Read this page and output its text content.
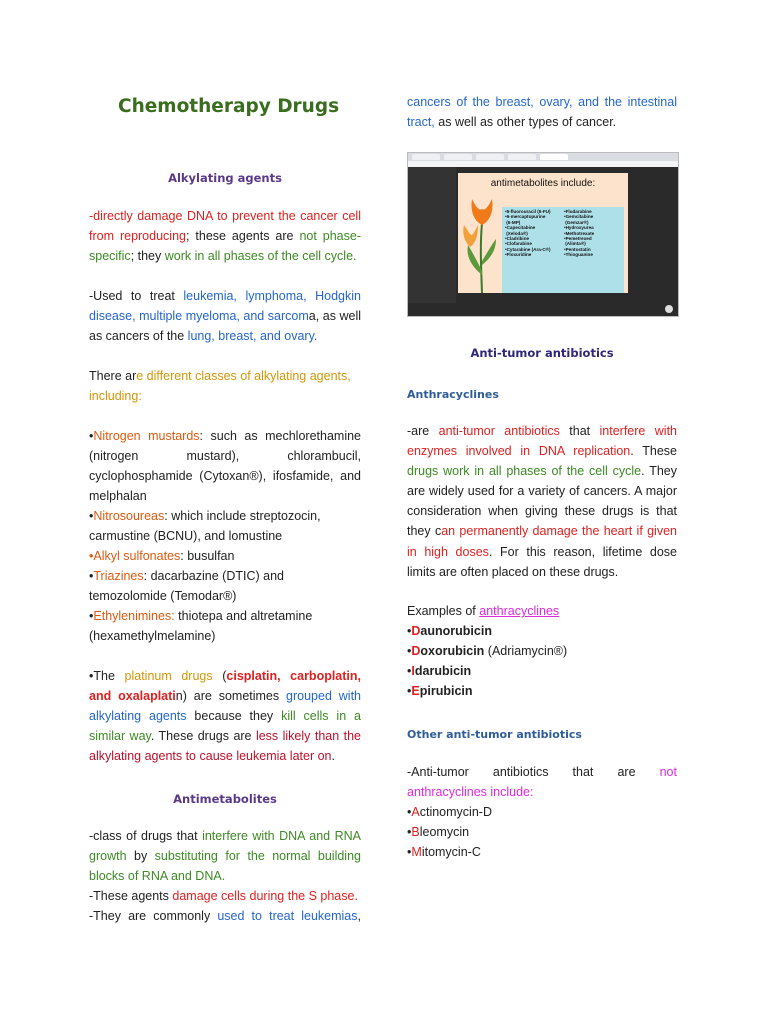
Chemotherapy Drugs

Alkylating agents

-directly damage DNA to prevent the cancer cell from reproducing; these agents are not phase-specific; they work in all phases of the cell cycle.

-Used to treat leukemia, lymphoma, Hodgkin disease, multiple myeloma, and sarcoma, as well as cancers of the lung, breast, and ovary.

There are different classes of alkylating agents, including:

•Nitrogen mustards: such as mechlorethamine (nitrogen mustard), chlorambucil, cyclophosphamide (Cytoxan®), ifosfamide, and melphalan

•Nitrosoureas: which include streptozocin, carmustine (BCNU), and lomustine

•Alkyl sulfonates: busulfan

•Triazines: dacarbazine (DTIC) and temozolomide (Temodar®)

•Ethylenimines: thiotepa and altretamine (hexamethylmelamine)

•The platinum drugs (cisplatin, carboplatin, and oxalaplatin) are sometimes grouped with alkylating agents because they kill cells in a similar way. These drugs are less likely than the alkylating agents to cause leukemia later on.

Antimetabolites

-class of drugs that interfere with DNA and RNA growth by substituting for the normal building blocks of RNA and DNA.

-These agents damage cells during the S phase.

-They are commonly used to treat leukemias,

cancers of the breast, ovary, and the intestinal tract, as well as other types of cancer.

Anti-tumor antibiotics

Anthracyclines

-are anti-tumor antibiotics that interfere with enzymes involved in DNA replication. These drugs work in all phases of the cell cycle. They are widely used for a variety of cancers. A major consideration when giving these drugs is that they can permanently damage the heart if given in high doses. For this reason, lifetime dose limits are often placed on these drugs.

Examples of anthracyclines

•Daunorubicin

•Doxorubicin (Adriamycin®)

•Idarubicin

•Epirubicin

Other anti-tumor antibiotics

-Anti-tumor antibiotics that are not anthracyclines include:

•Actinomycin-D

•Bleomycin

•Mitomycin-C

antimetabolites include:
•5-fluorouracil (5-FU)
•6-mercaptopurine
(6-MP)
•Capecitabine
(Xeloda®)
•Cladribine
•Clofarabine
•Cytarabine (Ara-C®)
•Floxuridine
•Fludarabine
•Gemcitabine
(Gemzar®)
•Hydroxyurea
•Methotrexate
•Pemetrexed
(Alimta®)
•Pentostatin
•Thioguanine
